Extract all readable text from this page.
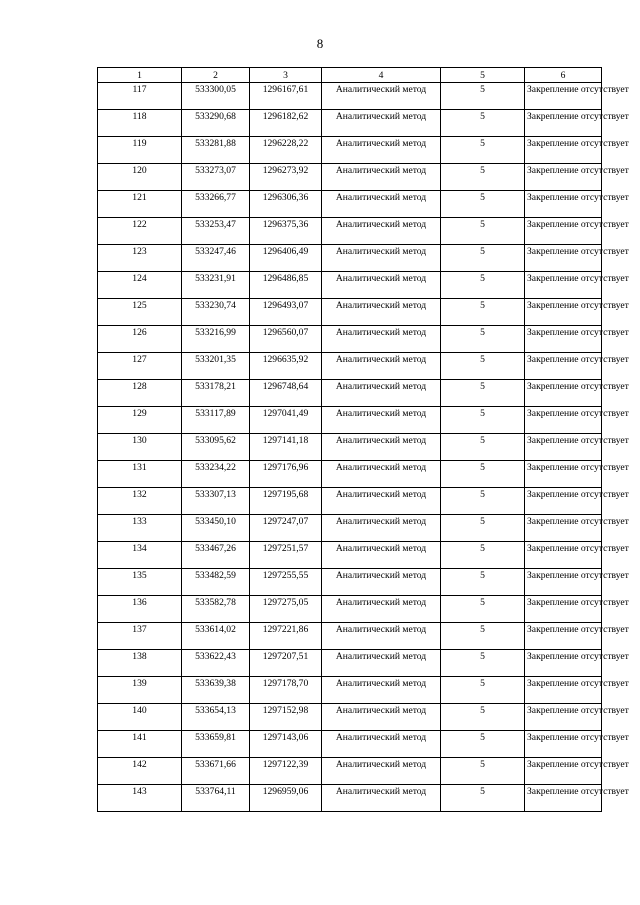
8
1	2	3	4	5	6
117	533300,05	1296167,61	Аналитический метод	5	Закрепление отсутствует
118	533290,68	1296182,62	Аналитический метод	5	Закрепление отсутствует
119	533281,88	1296228,22	Аналитический метод	5	Закрепление отсутствует
120	533273,07	1296273,92	Аналитический метод	5	Закрепление отсутствует
121	533266,77	1296306,36	Аналитический метод	5	Закрепление отсутствует
122	533253,47	1296375,36	Аналитический метод	5	Закрепление отсутствует
123	533247,46	1296406,49	Аналитический метод	5	Закрепление отсутствует
124	533231,91	1296486,85	Аналитический метод	5	Закрепление отсутствует
125	533230,74	1296493,07	Аналитический метод	5	Закрепление отсутствует
126	533216,99	1296560,07	Аналитический метод	5	Закрепление отсутствует
127	533201,35	1296635,92	Аналитический метод	5	Закрепление отсутствует
128	533178,21	1296748,64	Аналитический метод	5	Закрепление отсутствует
129	533117,89	1297041,49	Аналитический метод	5	Закрепление отсутствует
130	533095,62	1297141,18	Аналитический метод	5	Закрепление отсутствует
131	533234,22	1297176,96	Аналитический метод	5	Закрепление отсутствует
132	533307,13	1297195,68	Аналитический метод	5	Закрепление отсутствует
133	533450,10	1297247,07	Аналитический метод	5	Закрепление отсутствует
134	533467,26	1297251,57	Аналитический метод	5	Закрепление отсутствует
135	533482,59	1297255,55	Аналитический метод	5	Закрепление отсутствует
136	533582,78	1297275,05	Аналитический метод	5	Закрепление отсутствует
137	533614,02	1297221,86	Аналитический метод	5	Закрепление отсутствует
138	533622,43	1297207,51	Аналитический метод	5	Закрепление отсутствует
139	533639,38	1297178,70	Аналитический метод	5	Закрепление отсутствует
140	533654,13	1297152,98	Аналитический метод	5	Закрепление отсутствует
141	533659,81	1297143,06	Аналитический метод	5	Закрепление отсутствует
142	533671,66	1297122,39	Аналитический метод	5	Закрепление отсутствует
143	533764,11	1296959,06	Аналитический метод	5	Закрепление отсутствует
